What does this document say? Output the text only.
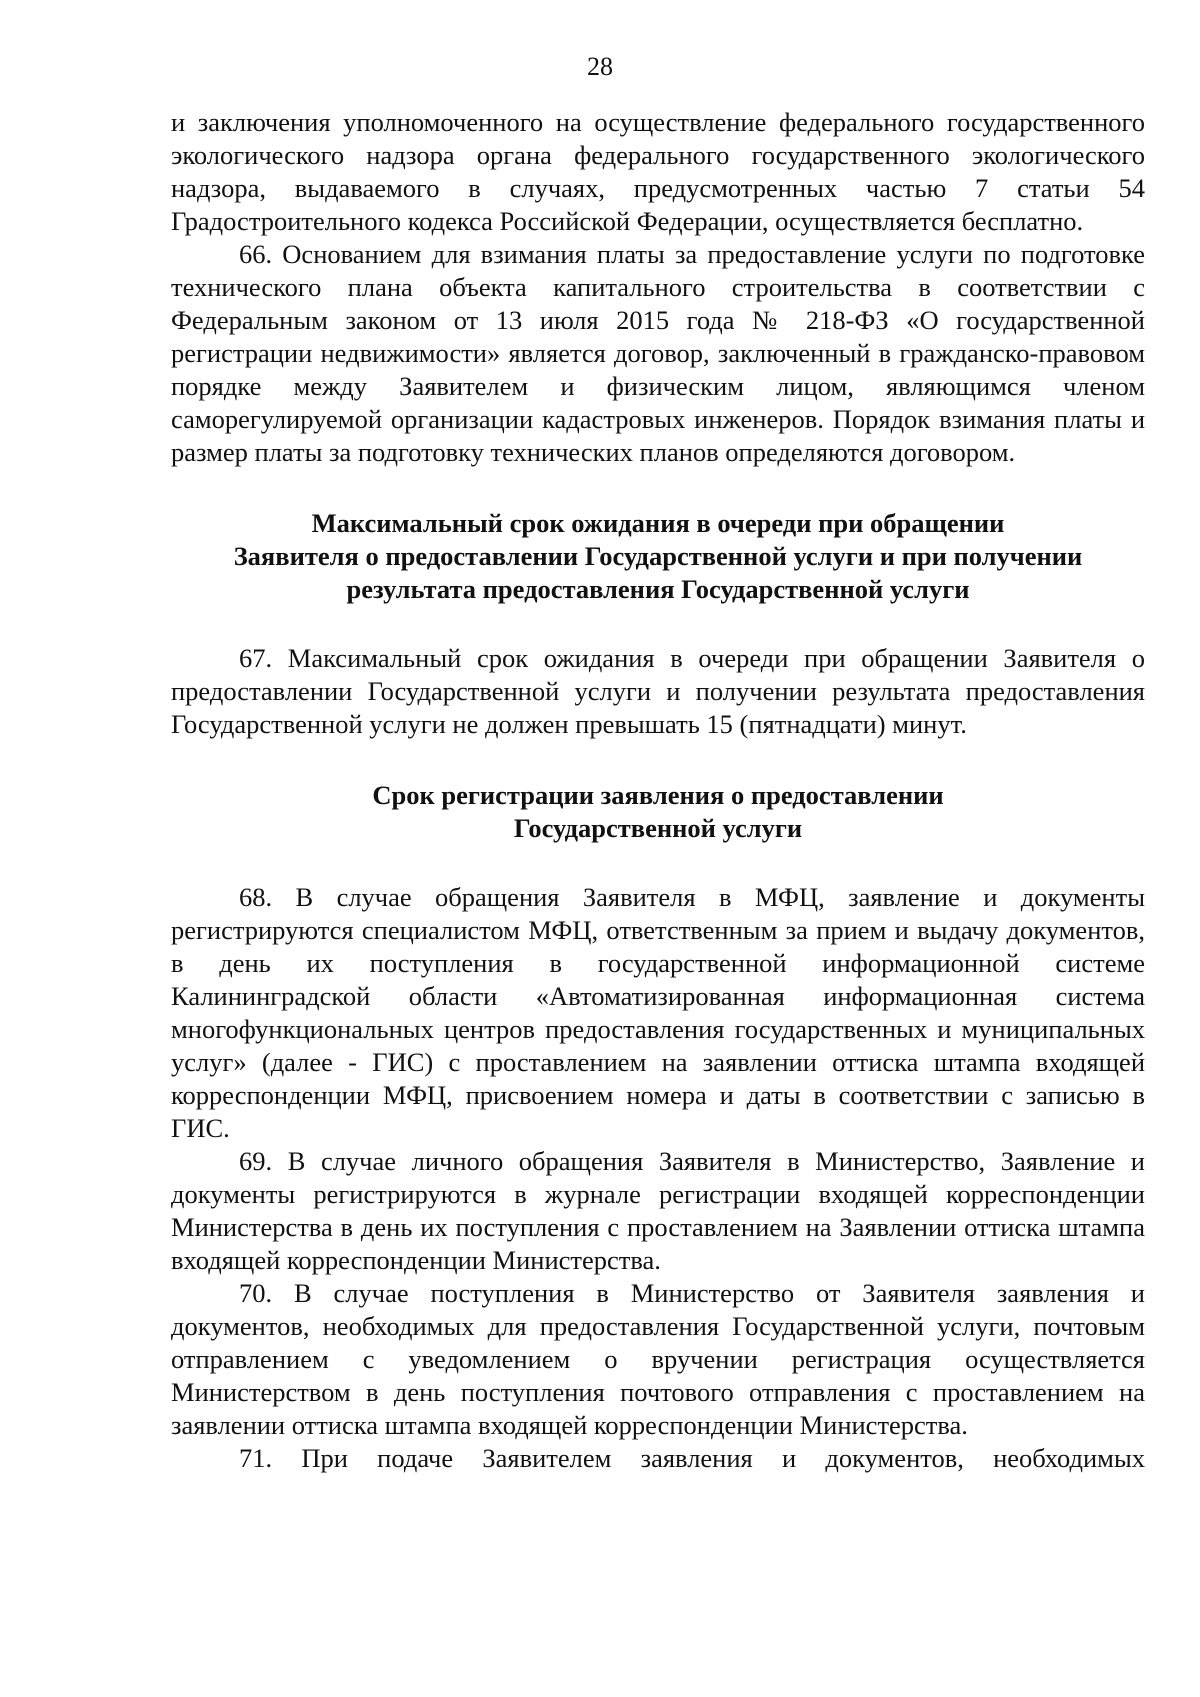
28

и заключения уполномоченного на осуществление федерального государственного экологического надзора органа федерального государственного экологического надзора, выдаваемого в случаях, предусмотренных частью 7 статьи 54 Градостроительного кодекса Российской Федерации, осуществляется бесплатно.

66. Основанием для взимания платы за предоставление услуги по подготовке технического плана объекта капитального строительства в соответствии с Федеральным законом от 13 июля 2015 года № 218-ФЗ «О государственной регистрации недвижимости» является договор, заключенный в гражданско-правовом порядке между Заявителем и физическим лицом, являющимся членом саморегулируемой организации кадастровых инженеров. Порядок взимания платы и размер платы за подготовку технических планов определяются договором.

Максимальный срок ожидания в очереди при обращении
Заявителя о предоставлении Государственной услуги и при получении
результата предоставления Государственной услуги

67. Максимальный срок ожидания в очереди при обращении Заявителя о предоставлении Государственной услуги и получении результата предоставления Государственной услуги не должен превышать 15 (пятнадцати) минут.

Срок регистрации заявления о предоставлении
Государственной услуги

68. В случае обращения Заявителя в МФЦ, заявление и документы регистрируются специалистом МФЦ, ответственным за прием и выдачу документов, в день их поступления в государственной информационной системе Калининградской области «Автоматизированная информационная система многофункциональных центров предоставления государственных и муниципальных услуг» (далее - ГИС) с проставлением на заявлении оттиска штампа входящей корреспонденции МФЦ, присвоением номера и даты в соответствии с записью в ГИС.

69. В случае личного обращения Заявителя в Министерство, Заявление и документы регистрируются в журнале регистрации входящей корреспонденции Министерства в день их поступления с проставлением на Заявлении оттиска штампа входящей корреспонденции Министерства.

70. В случае поступления в Министерство от Заявителя заявления и документов, необходимых для предоставления Государственной услуги, почтовым отправлением с уведомлением о вручении регистрация осуществляется Министерством в день поступления почтового отправления с проставлением на заявлении оттиска штампа входящей корреспонденции Министерства.

71. При подаче Заявителем заявления и документов, необходимых
